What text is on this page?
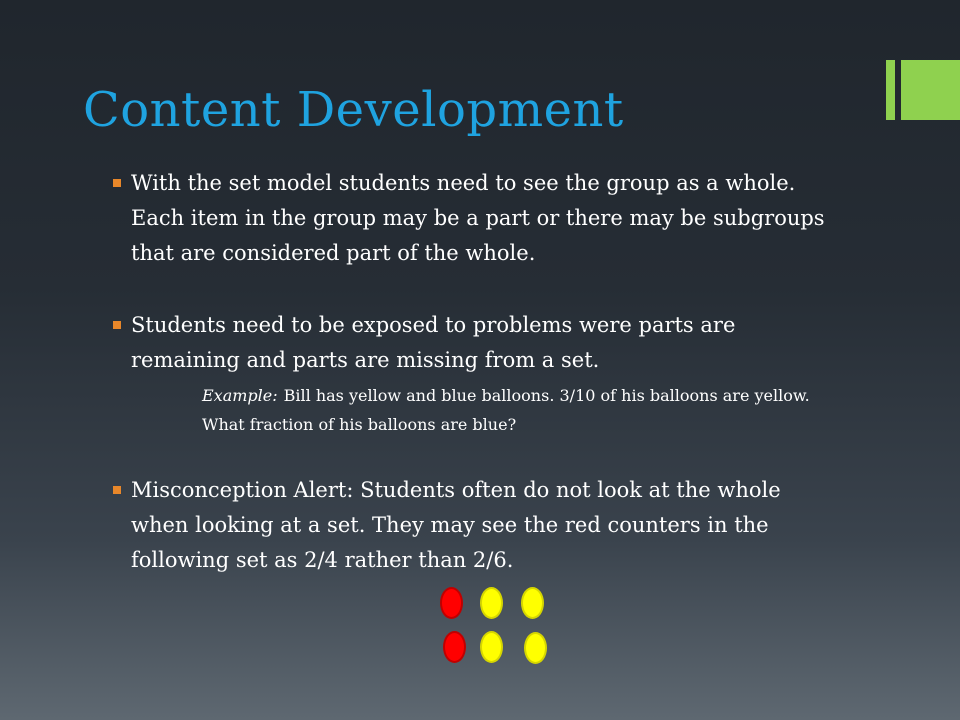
Content Development
With the set model students need to see the group as a whole. Each item in the group may be a part or there may be subgroups that are considered part of the whole.
Students need to be exposed to problems were parts are remaining and parts are missing from a set.
Example: Bill has yellow and blue balloons. 3/10 of his balloons are yellow. What fraction of his balloons are blue?
Misconception Alert: Students often do not look at the whole when looking at a set. They may see the red counters in the following set as 2/4 rather than 2/6.
